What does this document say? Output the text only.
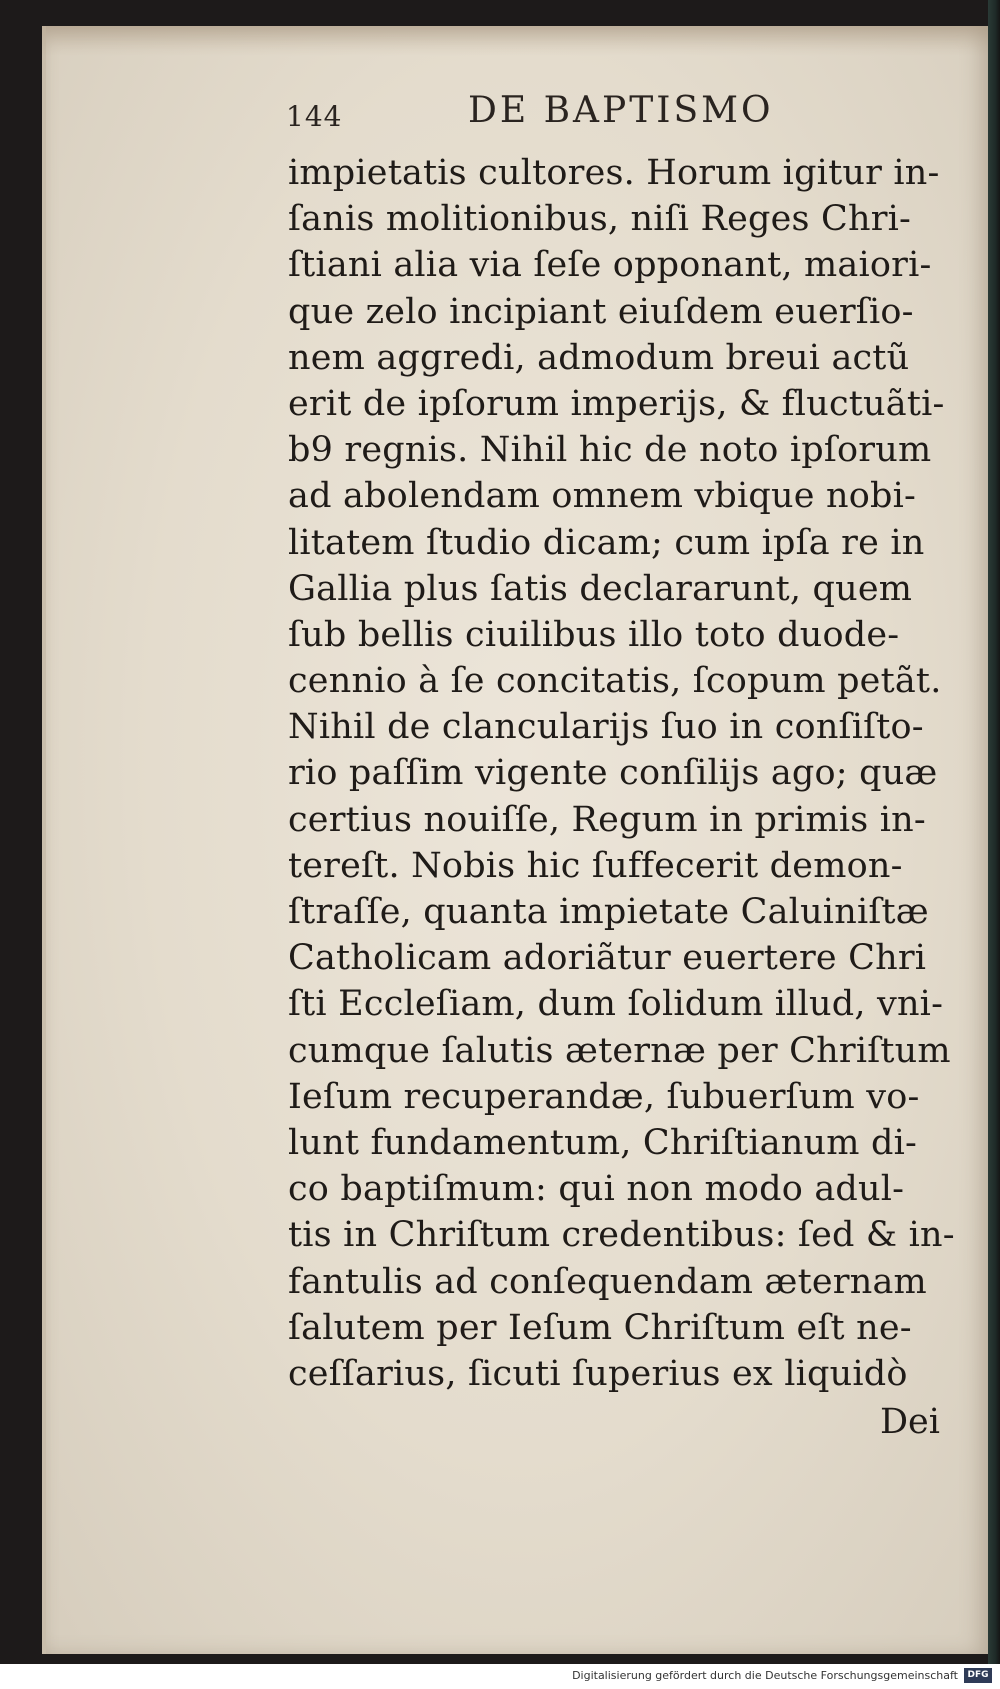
144	DE BAPTISMO
impietatis cultores. Horum igitur in-
ſanis molitionibus, niſi Reges Chri-
ſtiani alia via ſeſe opponant, maiori-
que zelo incipiant eiuſdem euerſio-
nem aggredi, admodum breui actũ
erit de ipſorum imperijs, & fluctuãti-
b9 regnis. Nihil hic de noto ipſorum
ad abolendam omnem vbique nobi-
litatem ſtudio dicam; cum ipſa re in
Gallia plus ſatis declararunt, quem
ſub bellis ciuilibus illo toto duode-
cennio à ſe concitatis, ſcopum petãt.
Nihil de clancularijs ſuo in conſiſto-
rio paſſim vigente conſilijs ago; quæ
certius nouiſſe, Regum in primis in-
tereſt. Nobis hic ſuffecerit demon-
ſtraſſe, quanta impietate Caluiniſtæ
Catholicam adoriãtur euertere Chri
ſti Eccleſiam, dum ſolidum illud, vni-
cumque ſalutis æternæ per Chriſtum
Ieſum recuperandæ, ſubuerſum vo-
lunt fundamentum, Chriſtianum di-
co baptiſmum: qui non modo adul-
tis in Chriſtum credentibus: ſed & in-
fantulis ad conſequendam æternam
ſalutem per Ieſum Chriſtum eſt ne-
ceſſarius, ſicuti ſuperius ex liquidò
Dei
Digitalisierung gefördert durch die Deutsche Forschungsgemeinschaft	DFG
